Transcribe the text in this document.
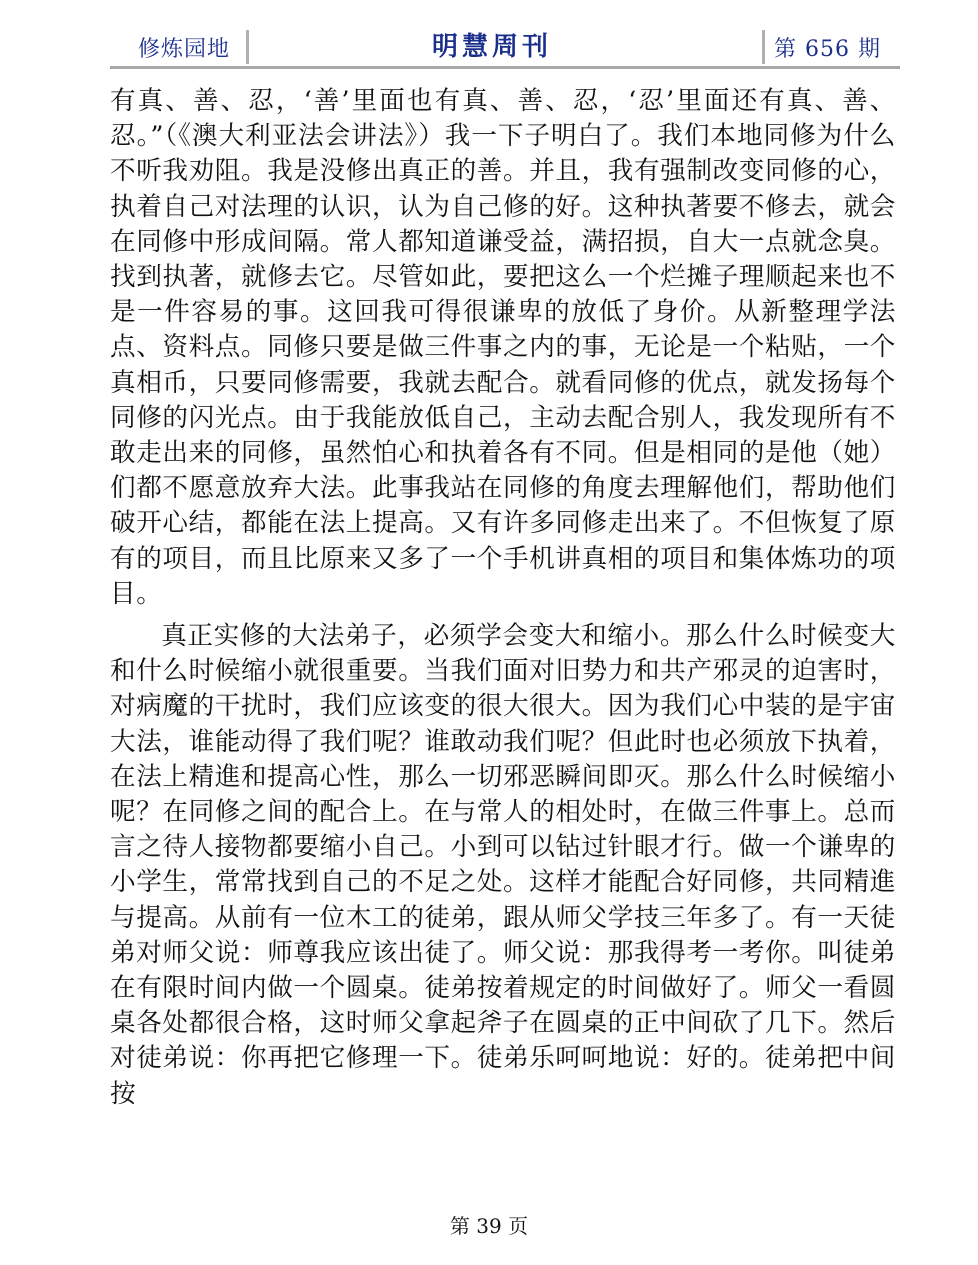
修炼园地	明慧周刊	第 656 期

有真、善、忍，‘善’里面也有真、善、忍，‘忍’里面还有真、善、忍。”（《澳大利亚法会讲法》）我一下子明白了。我们本地同修为什么不听我劝阻。我是没修出真正的善。并且，我有强制改变同修的心，执着自己对法理的认识，认为自己修的好。这种执著要不修去，就会在同修中形成间隔。常人都知道谦受益，满招损，自大一点就念臭。找到执著，就修去它。尽管如此，要把这么一个烂摊子理顺起来也不是一件容易的事。这回我可得很谦卑的放低了身价。从新整理学法点、资料点。同修只要是做三件事之内的事，无论是一个粘贴，一个真相币，只要同修需要，我就去配合。就看同修的优点，就发扬每个同修的闪光点。由于我能放低自己，主动去配合别人，我发现所有不敢走出来的同修，虽然怕心和执着各有不同。但是相同的是他（她）们都不愿意放弃大法。此事我站在同修的角度去理解他们，帮助他们破开心结，都能在法上提高。又有许多同修走出来了。不但恢复了原有的项目，而且比原来又多了一个手机讲真相的项目和集体炼功的项目。

真正实修的大法弟子，必须学会变大和缩小。那么什么时候变大和什么时候缩小就很重要。当我们面对旧势力和共产邪灵的迫害时，对病魔的干扰时，我们应该变的很大很大。因为我们心中装的是宇宙大法，谁能动得了我们呢？谁敢动我们呢？但此时也必须放下执着，在法上精進和提高心性，那么一切邪恶瞬间即灭。那么什么时候缩小呢？在同修之间的配合上。在与常人的相处时，在做三件事上。总而言之待人接物都要缩小自己。小到可以钻过针眼才行。做一个谦卑的小学生，常常找到自己的不足之处。这样才能配合好同修，共同精進与提高。从前有一位木工的徒弟，跟从师父学技三年多了。有一天徒弟对师父说：师尊我应该出徒了。师父说：那我得考一考你。叫徒弟在有限时间内做一个圆桌。徒弟按着规定的时间做好了。师父一看圆桌各处都很合格，这时师父拿起斧子在圆桌的正中间砍了几下。然后对徒弟说：你再把它修理一下。徒弟乐呵呵地说：好的。徒弟把中间按

第 39 页
